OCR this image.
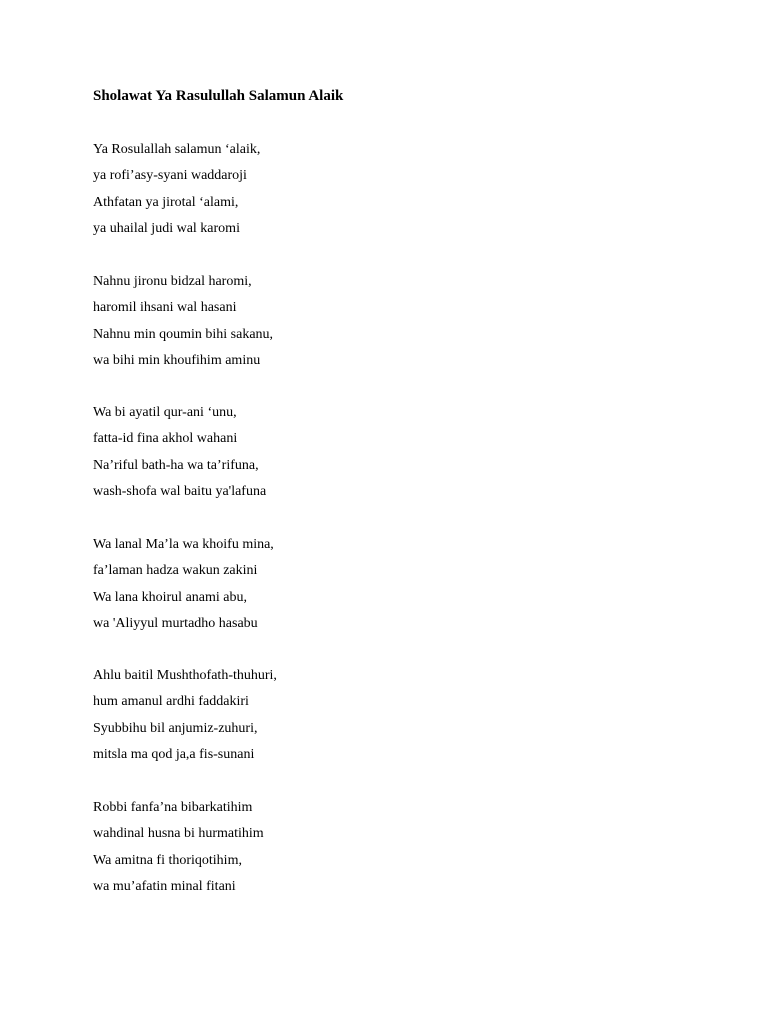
Sholawat Ya Rasulullah Salamun Alaik
Ya Rosulallah salamun ‘alaik,
ya rofi’asy-syani waddaroji
Athfatan ya jirotal ‘alami,
ya uhailal judi wal karomi
Nahnu jironu bidzal haromi,
haromil ihsani wal hasani
Nahnu min qoumin bihi sakanu,
wa bihi min khoufihim aminu
Wa bi ayatil qur-ani ‘unu,
fatta-id fina akhol wahani
Na’riful bath-ha wa ta’rifuna,
wash-shofa wal baitu ya'lafuna
Wa lanal Ma’la wa khoifu mina,
fa’laman hadza wakun zakini
Wa lana khoirul anami abu,
wa 'Aliyyul murtadho hasabu
Ahlu baitil Mushthofath-thuhuri,
hum amanul ardhi faddakiri
Syubbihu bil anjumiz-zuhuri,
mitsla ma qod ja,a fis-sunani
Robbi fanfa’na bibarkatihim
wahdinal husna bi hurmatihim
Wa amitna fi thoriqotihim,
wa mu’afatin minal fitani
